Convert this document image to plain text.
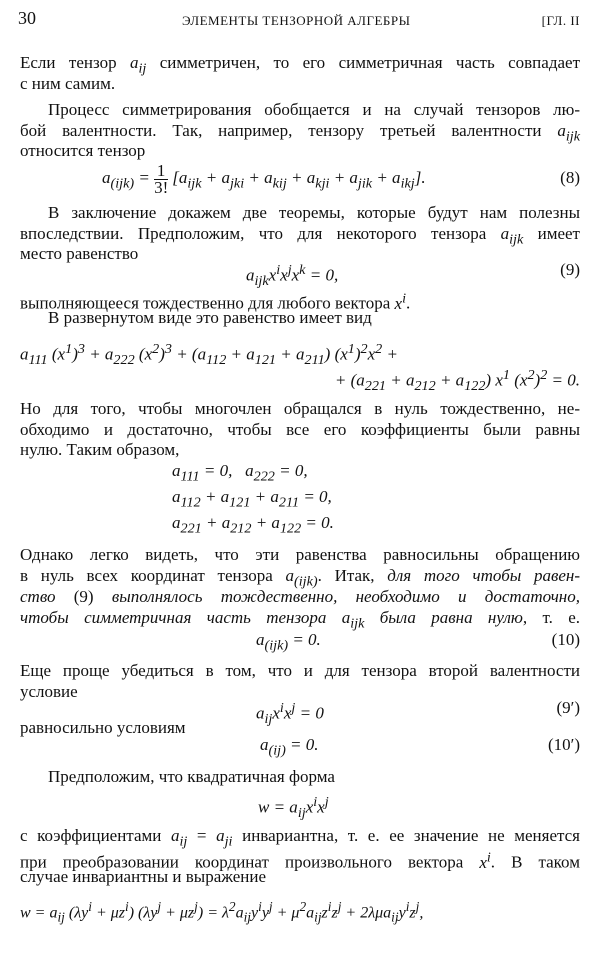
30	ЭЛЕМЕНТЫ ТЕНЗОРНОЙ АЛГЕБРЫ	[ГЛ. II
Если тензор $a_{ij}$ симметричен, то его симметричная часть совпадает
с ним самим.
Процесс симметрирования обобщается и на случай тензоров лю-
бой валентности. Так, например, тензору третьей валентности $a_{ijk}$
относится тензор
$a_{(ijk)} = \frac{1}{3!} [a_{ijk} + a_{jki} + a_{kij} + a_{kji} + a_{jik} + a_{ikj}]$.	(8)
В заключение докажем две теоремы, которые будут нам полезны
впоследствии. Предположим, что для некоторого тензора $a_{ijk}$ имеет
место равенство
$a_{ijk}x^ix^jx^k = 0$,	(9)
выполняющееся тождественно для любого вектора $x^i$.
В развернутом виде это равенство имеет вид
$a_{111}$ $(x^1)^3 + a_{222}$ $(x^2)^3 + (a_{112} + a_{121} + a_{211}) (x^1)^2x^2$ +
+ $(a_{221} + a_{212} + a_{122})$ $x^1$ $(x^2)^2 = 0$.
Но для того, чтобы многочлен обращался в нуль тождественно, не-
обходимо и достаточно, чтобы все его коэффициенты были равны
нулю. Таким образом,
$a_{111} = 0$,   $a_{222} = 0$,
$a_{112} + a_{121} + a_{211} = 0$,
$a_{221} + a_{212} + a_{122} = 0$.
Однако легко видеть, что эти равенства равносильны обращению
в нуль всех координат тензора $a_{(ijk)}$. Итак, для того чтобы равен-
ство (9) выполнялось тождественно, необходимо и достаточно,
чтобы симметричная часть тензора $a_{ijk}$ была равна нулю, т. е.
$a_{(ijk)} = 0$.	(10)
Еще проще убедиться в том, что и для тензора второй валентности
условие
$a_{ij}x^ix^j = 0$	(9′)
равносильно условиям
$a_{(ij)} = 0$.	(10′)
Предположим, что квадратичная форма
$w = a_{ij}x^ix^j$
с коэффициентами $a_{ij} = a_{ji}$ инвариантна, т. е. ее значение не меняется
при преобразовании координат произвольного вектора $x^i$. В таком
случае инвариантны и выражение
$w = a_{ij}$ $(\lambda y^i + \mu z^i) (\lambda y^j + \mu z^j) = \lambda^2a_{ij}y^iy^j + \mu^2a_{ij}z^iz^j + 2\lambda\mu a_{ij}y^iz^j$,
